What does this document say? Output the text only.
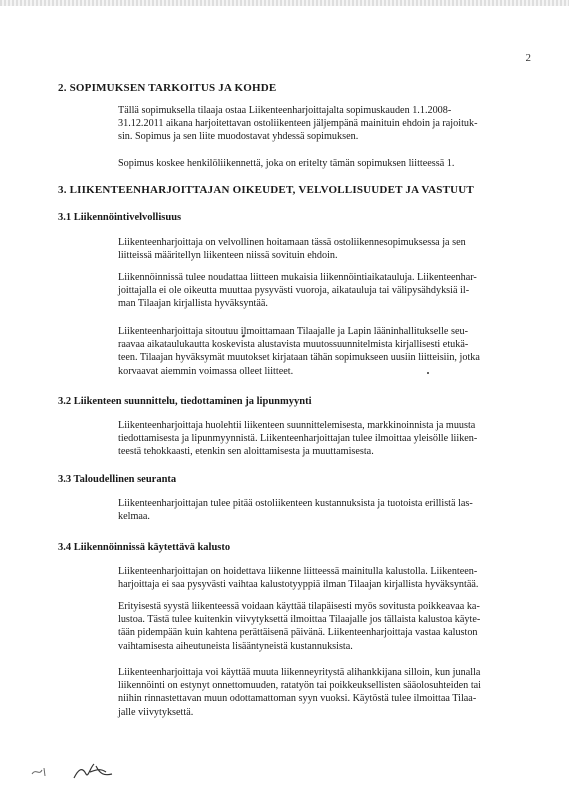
2
2. SOPIMUKSEN TARKOITUS JA KOHDE
Tällä sopimuksella tilaaja ostaa Liikenteenharjoittajalta sopimuskauden 1.1.2008-
31.12.2011 aikana harjoitettavan ostoliikenteen jäljempänä mainituin ehdoin ja rajoituk-
sin. Sopimus ja sen liite muodostavat yhdessä sopimuksen.
Sopimus koskee henkilöliikennettä, joka on eritelty tämän sopimuksen liitteessä 1.
3. LIIKENTEENHARJOITTAJAN OIKEUDET, VELVOLLISUUDET JA VASTUUT
3.1 Liikennöintivelvollisuus
Liikenteenharjoittaja on velvollinen hoitamaan tässä ostoliikennesopimuksessa ja sen
liitteissä määritellyn liikenteen niissä sovituin ehdoin.
Liikennöinnissä tulee noudattaa liitteen mukaisia liikennöintiaikatauluja. Liikenteenhar-
joittajalla ei ole oikeutta muuttaa pysyvästi vuoroja, aikatauluja tai välipysähdyksiä il-
man Tilaajan kirjallista hyväksyntää.
Liikenteenharjoittaja sitoutuu ilmoittamaan Tilaajalle ja Lapin lääninhallitukselle seu-
raavaa aikataulukautta koskevista alustavista muutossuunnitelmista kirjallisesti etukä-
teen. Tilaajan hyväksymät muutokset kirjataan tähän sopimukseen uusiin liitteisiin, jotka
korvaavat aiemmin voimassa olleet liitteet.
3.2 Liikenteen suunnittelu, tiedottaminen ja lipunmyynti
Liikenteenharjoittaja huolehtii liikenteen suunnittelemisesta, markkinoinnista ja muusta
tiedottamisesta ja lipunmyynnistä. Liikenteenharjoittajan tulee ilmoittaa yleisölle liiken-
teestä tehokkaasti, etenkin sen aloittamisesta ja muuttamisesta.
3.3 Taloudellinen seuranta
Liikenteenharjoittajan tulee pitää ostoliikenteen kustannuksista ja tuotoista erillistä las-
kelmaa.
3.4 Liikennöinnissä käytettävä kalusto
Liikenteenharjoittajan on hoidettava liikenne liitteessä mainitulla kalustolla. Liikenteen-
harjoittaja ei saa pysyvästi vaihtaa kalustotyyppiä ilman Tilaajan kirjallista hyväksyntää.
Erityisestä syystä liikenteessä voidaan käyttää tilapäisesti myös sovitusta poikkeavaa ka-
lustoa. Tästä tulee kuitenkin viivytyksettä ilmoittaa Tilaajalle jos tällaista kalustoa käyte-
tään pidempään kuin kahtena perättäisenä päivänä. Liikenteenharjoittaja vastaa kaluston
vaihtamisesta aiheutuneista lisääntyneistä kustannuksista.
Liikenteenharjoittaja voi käyttää muuta liikenneyritystä alihankkijana silloin, kun junalla
liikennöinti on estynyt onnettomuuden, ratatyön tai poikkeuksellisten sääolosuhteiden tai
niihin rinnastettavan muun odottamattoman syyn vuoksi. Käytöstä tulee ilmoittaa Tilaa-
jalle viivytyksettä.
